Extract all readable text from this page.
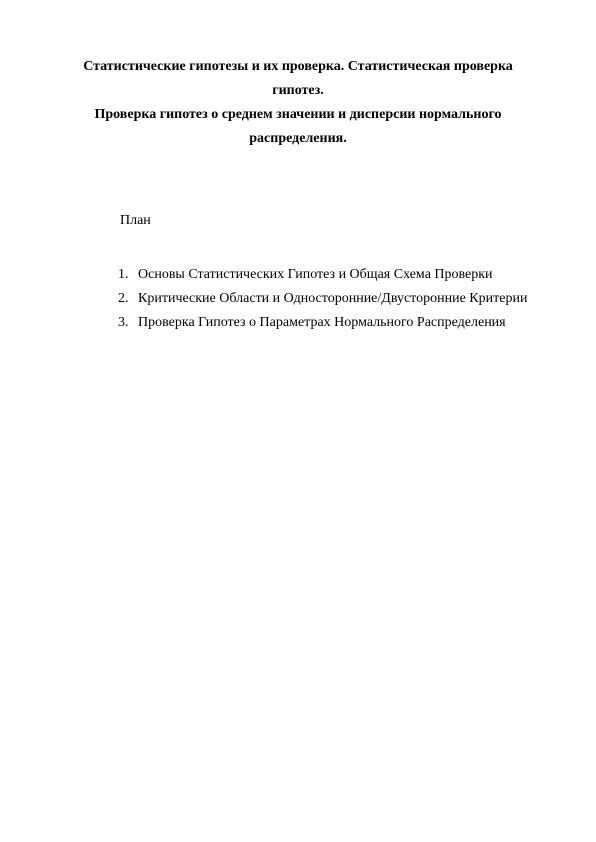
Статистические гипотезы и их проверка. Статистическая проверка
гипотез.
Проверка гипотез о среднем значении и дисперсии нормального
распределения.

План

1. Основы Статистических Гипотез и Общая Схема Проверки
2. Критические Области и Односторонние/Двусторонние Критерии
3. Проверка Гипотез о Параметрах Нормального Распределения
